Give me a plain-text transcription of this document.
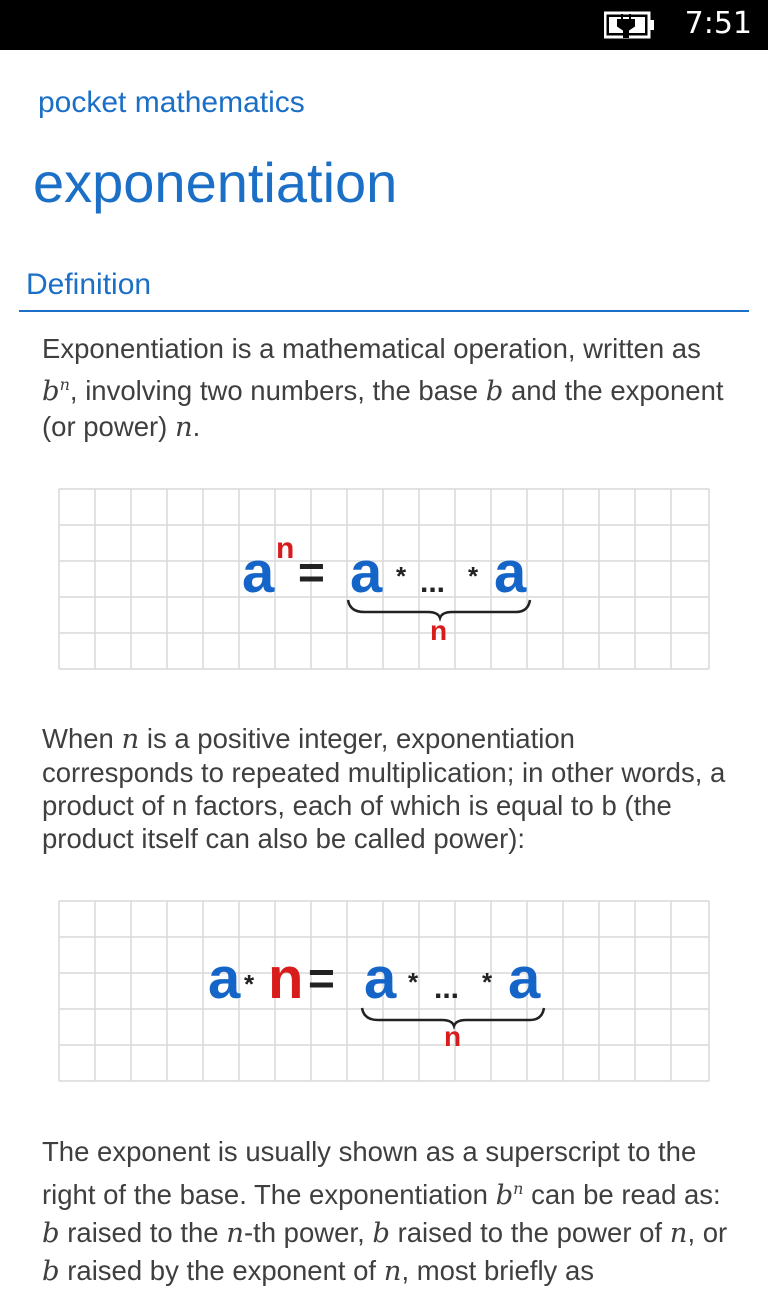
7:51
pocket mathematics
exponentiation
Definition
Exponentiation is a mathematical operation, written as $b^n$, involving two numbers, the base b and the exponent (or power) n.
a n = a * ... * a
n
When n is a positive integer, exponentiation corresponds to repeated multiplication; in other words, a product of n factors, each of which is equal to b (the product itself can also be called power):
a * n = a * ... * a
n
The exponent is usually shown as a superscript to the right of the base. The exponentiation $b^n$ can be read as: b raised to the n-th power, b raised to the power of n, or b raised by the exponent of n, most briefly as
